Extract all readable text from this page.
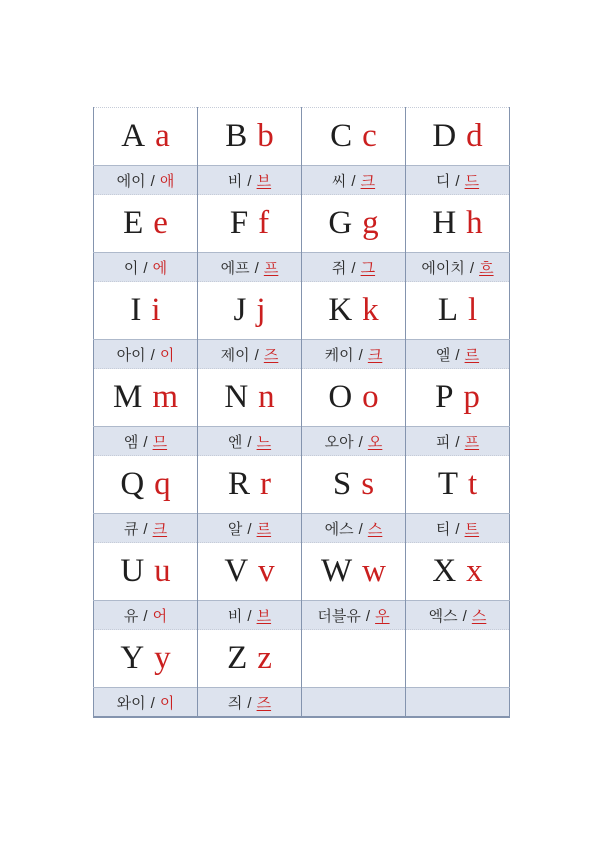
A a	B b	C c	D d
에이 / 애	비 / 브	씨 / 크	디 / 드
E e	F f	G g	H h
이 / 에	에프 / 프	쥐 / 그	에이치 / 흐
I i	J j	K k	L l
아이 / 이	제이 / 즈	케이 / 크	엘 / 르
M m	N n	O o	P p
엠 / 므	엔 / 느	오아 / 오	피 / 프
Q q	R r	S s	T t
큐 / 크	알 / 르	에스 / 스	티 / 트
U u	V v	W w	X x
유 / 어	비 / 브	더블유 / 우	엑스 / 스
Y y	Z z		
와이 / 이	즤 / 즈		
